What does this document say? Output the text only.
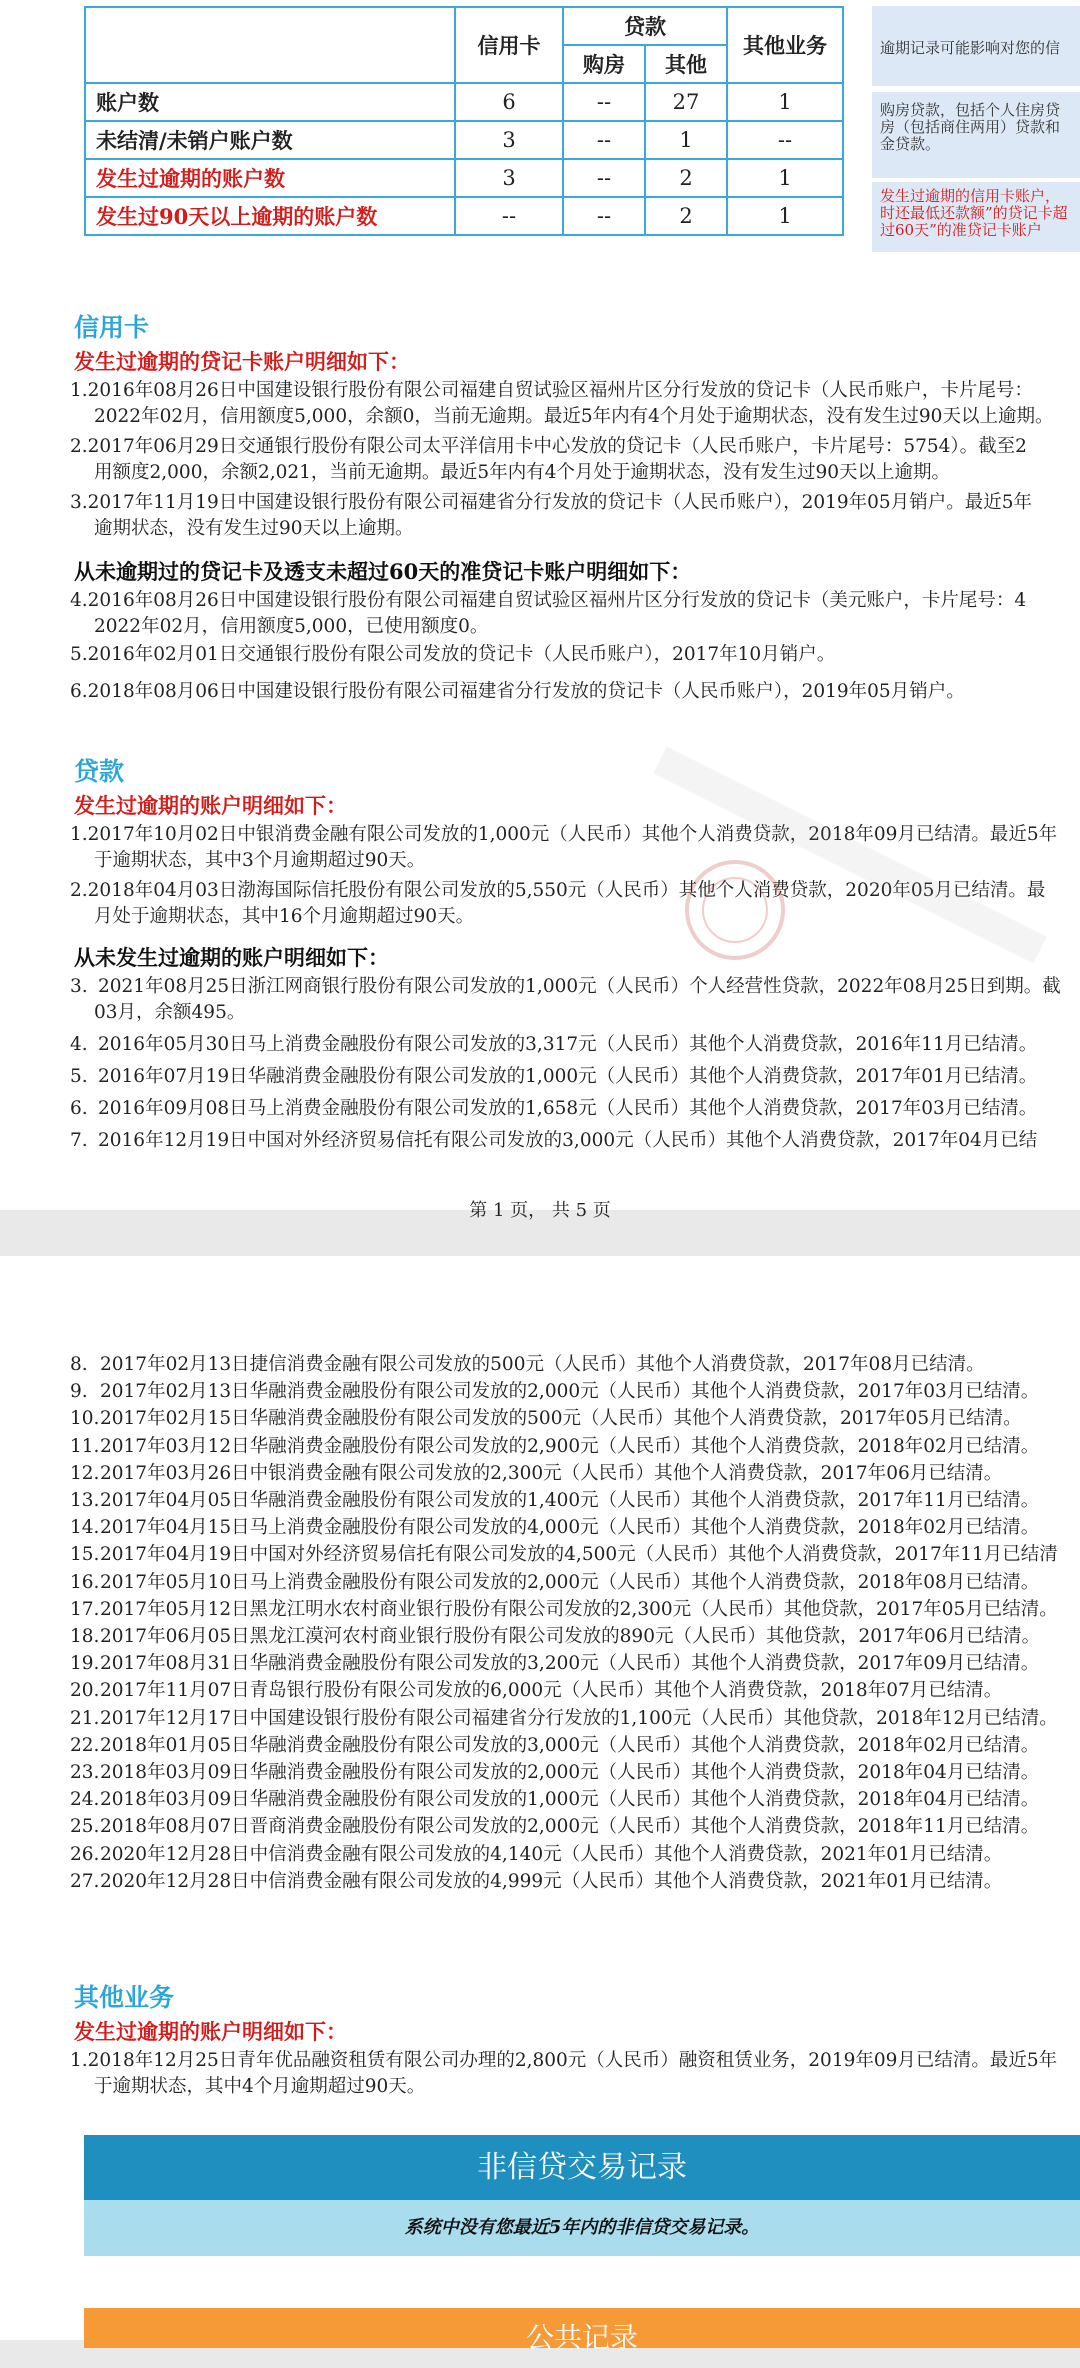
	信用卡	贷款		其他业务
		购房	其他	
账户数	6	--	27	1
未结清/未销户账户数	3	--	1	--
发生过逾期的账户数	3	--	2	1
发生过90天以上逾期的账户数	--	--	2	1
逾期记录可能影响对您的信
购房贷款，包括个人住房贷房（包括商住两用）贷款和金贷款。
发生过逾期的信用卡账户，时还最低还款额”的贷记卡超过60天”的准贷记卡账户
信用卡
发生过逾期的贷记卡账户明细如下：
1.2016年08月26日中国建设银行股份有限公司福建自贸试验区福州片区分行发放的贷记卡（人民币账户，卡片尾号：
2022年02月，信用额度5,000，余额0，当前无逾期。最近5年内有4个月处于逾期状态，没有发生过90天以上逾期。
2.2017年06月29日交通银行股份有限公司太平洋信用卡中心发放的贷记卡（人民币账户，卡片尾号：5754）。截至2
用额度2,000，余额2,021，当前无逾期。最近5年内有4个月处于逾期状态，没有发生过90天以上逾期。
3.2017年11月19日中国建设银行股份有限公司福建省分行发放的贷记卡（人民币账户），2019年05月销户。最近5年
逾期状态，没有发生过90天以上逾期。
从未逾期过的贷记卡及透支未超过60天的准贷记卡账户明细如下：
4.2016年08月26日中国建设银行股份有限公司福建自贸试验区福州片区分行发放的贷记卡（美元账户，卡片尾号：4
2022年02月，信用额度5,000，已使用额度0。
5.2016年02月01日交通银行股份有限公司发放的贷记卡（人民币账户），2017年10月销户。
6.2018年08月06日中国建设银行股份有限公司福建省分行发放的贷记卡（人民币账户），2019年05月销户。
贷款
发生过逾期的账户明细如下：
1.2017年10月02日中银消费金融有限公司发放的1,000元（人民币）其他个人消费贷款，2018年09月已结清。最近5年
于逾期状态，其中3个月逾期超过90天。
2.2018年04月03日渤海国际信托股份有限公司发放的5,550元（人民币）其他个人消费贷款，2020年05月已结清。最
月处于逾期状态，其中16个月逾期超过90天。
从未发生过逾期的账户明细如下：
3. 2021年08月25日浙江网商银行股份有限公司发放的1,000元（人民币）个人经营性贷款，2022年08月25日到期。截
03月，余额495。
4. 2016年05月30日马上消费金融股份有限公司发放的3,317元（人民币）其他个人消费贷款，2016年11月已结清。
5. 2016年07月19日华融消费金融股份有限公司发放的1,000元（人民币）其他个人消费贷款，2017年01月已结清。
6. 2016年09月08日马上消费金融股份有限公司发放的1,658元（人民币）其他个人消费贷款，2017年03月已结清。
7. 2016年12月19日中国对外经济贸易信托有限公司发放的3,000元（人民币）其他个人消费贷款，2017年04月已结
第 1 页， 共 5 页
8. 2017年02月13日捷信消费金融有限公司发放的500元（人民币）其他个人消费贷款，2017年08月已结清。
9. 2017年02月13日华融消费金融股份有限公司发放的2,000元（人民币）其他个人消费贷款，2017年03月已结清。
10.2017年02月15日华融消费金融股份有限公司发放的500元（人民币）其他个人消费贷款，2017年05月已结清。
11.2017年03月12日华融消费金融股份有限公司发放的2,900元（人民币）其他个人消费贷款，2018年02月已结清。
12.2017年03月26日中银消费金融有限公司发放的2,300元（人民币）其他个人消费贷款，2017年06月已结清。
13.2017年04月05日华融消费金融股份有限公司发放的1,400元（人民币）其他个人消费贷款，2017年11月已结清。
14.2017年04月15日马上消费金融股份有限公司发放的4,000元（人民币）其他个人消费贷款，2018年02月已结清。
15.2017年04月19日中国对外经济贸易信托有限公司发放的4,500元（人民币）其他个人消费贷款，2017年11月已结清
16.2017年05月10日马上消费金融股份有限公司发放的2,000元（人民币）其他个人消费贷款，2018年08月已结清。
17.2017年05月12日黑龙江明水农村商业银行股份有限公司发放的2,300元（人民币）其他贷款，2017年05月已结清。
18.2017年06月05日黑龙江漠河农村商业银行股份有限公司发放的890元（人民币）其他贷款，2017年06月已结清。
19.2017年08月31日华融消费金融股份有限公司发放的3,200元（人民币）其他个人消费贷款，2017年09月已结清。
20.2017年11月07日青岛银行股份有限公司发放的6,000元（人民币）其他个人消费贷款，2018年07月已结清。
21.2017年12月17日中国建设银行股份有限公司福建省分行发放的1,100元（人民币）其他贷款，2018年12月已结清。
22.2018年01月05日华融消费金融股份有限公司发放的3,000元（人民币）其他个人消费贷款，2018年02月已结清。
23.2018年03月09日华融消费金融股份有限公司发放的2,000元（人民币）其他个人消费贷款，2018年04月已结清。
24.2018年03月09日华融消费金融股份有限公司发放的1,000元（人民币）其他个人消费贷款，2018年04月已结清。
25.2018年08月07日晋商消费金融股份有限公司发放的2,000元（人民币）其他个人消费贷款，2018年11月已结清。
26.2020年12月28日中信消费金融有限公司发放的4,140元（人民币）其他个人消费贷款，2021年01月已结清。
27.2020年12月28日中信消费金融有限公司发放的4,999元（人民币）其他个人消费贷款，2021年01月已结清。
其他业务
发生过逾期的账户明细如下：
1.2018年12月25日青年优品融资租赁有限公司办理的2,800元（人民币）融资租赁业务，2019年09月已结清。最近5年
于逾期状态，其中4个月逾期超过90天。
非信贷交易记录
系统中没有您最近5年内的非信贷交易记录。
公共记录
